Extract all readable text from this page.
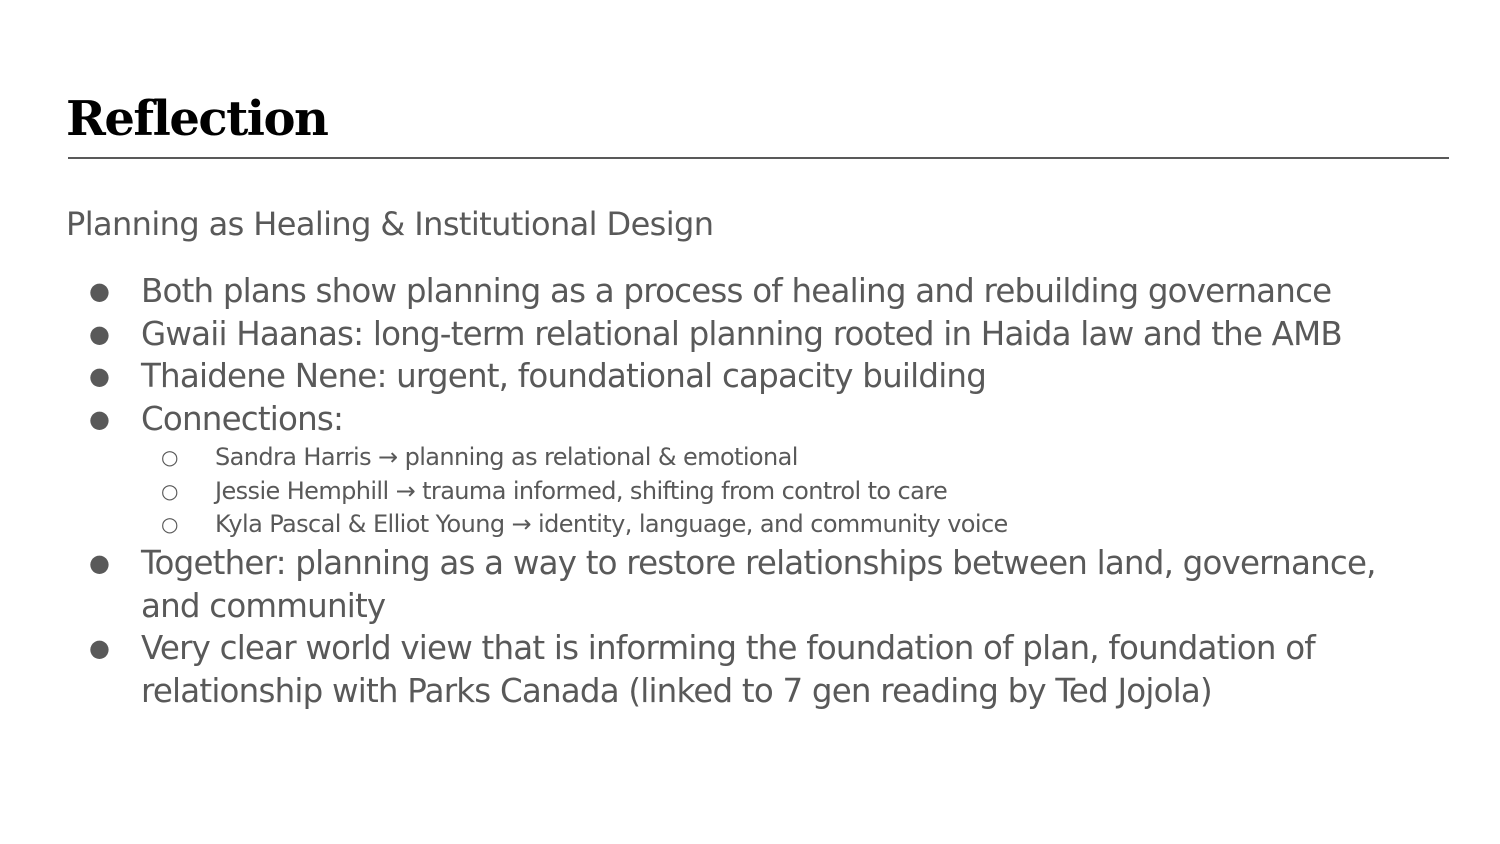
Reflection

Planning as Healing & Institutional Design

● Both plans show planning as a process of healing and rebuilding governance
● Gwaii Haanas: long-term relational planning rooted in Haida law and the AMB
● Thaidene Nene: urgent, foundational capacity building
● Connections:
○ Sandra Harris → planning as relational & emotional
○ Jessie Hemphill → trauma informed, shifting from control to care
○ Kyla Pascal & Elliot Young → identity, language, and community voice
● Together: planning as a way to restore relationships between land, governance, and community
● Very clear world view that is informing the foundation of plan, foundation of relationship with Parks Canada (linked to 7 gen reading by Ted Jojola)
